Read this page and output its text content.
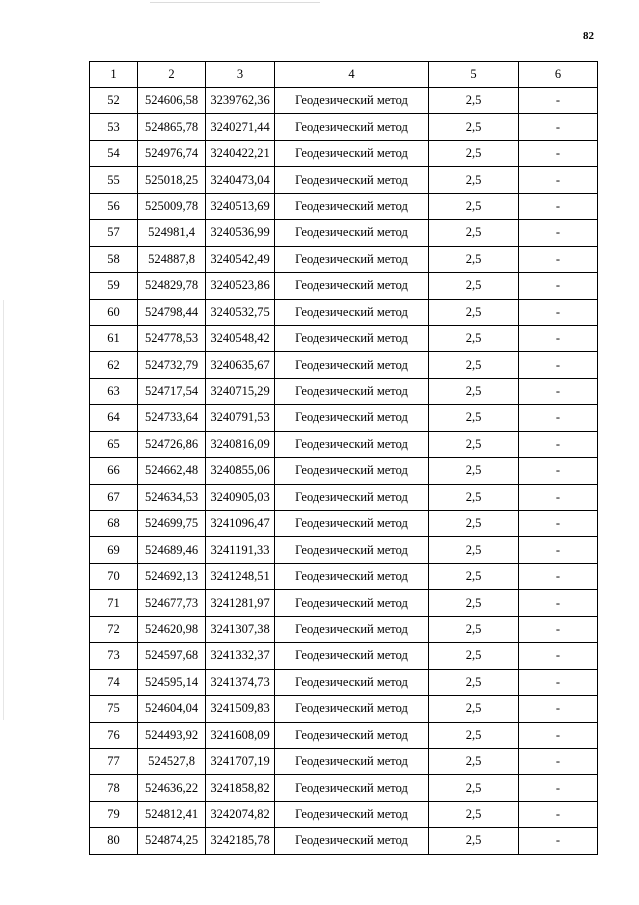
82
1	2	3	4	5	6
52	524606,58	3239762,36	Геодезический метод	2,5	-
53	524865,78	3240271,44	Геодезический метод	2,5	-
54	524976,74	3240422,21	Геодезический метод	2,5	-
55	525018,25	3240473,04	Геодезический метод	2,5	-
56	525009,78	3240513,69	Геодезический метод	2,5	-
57	524981,4	3240536,99	Геодезический метод	2,5	-
58	524887,8	3240542,49	Геодезический метод	2,5	-
59	524829,78	3240523,86	Геодезический метод	2,5	-
60	524798,44	3240532,75	Геодезический метод	2,5	-
61	524778,53	3240548,42	Геодезический метод	2,5	-
62	524732,79	3240635,67	Геодезический метод	2,5	-
63	524717,54	3240715,29	Геодезический метод	2,5	-
64	524733,64	3240791,53	Геодезический метод	2,5	-
65	524726,86	3240816,09	Геодезический метод	2,5	-
66	524662,48	3240855,06	Геодезический метод	2,5	-
67	524634,53	3240905,03	Геодезический метод	2,5	-
68	524699,75	3241096,47	Геодезический метод	2,5	-
69	524689,46	3241191,33	Геодезический метод	2,5	-
70	524692,13	3241248,51	Геодезический метод	2,5	-
71	524677,73	3241281,97	Геодезический метод	2,5	-
72	524620,98	3241307,38	Геодезический метод	2,5	-
73	524597,68	3241332,37	Геодезический метод	2,5	-
74	524595,14	3241374,73	Геодезический метод	2,5	-
75	524604,04	3241509,83	Геодезический метод	2,5	-
76	524493,92	3241608,09	Геодезический метод	2,5	-
77	524527,8	3241707,19	Геодезический метод	2,5	-
78	524636,22	3241858,82	Геодезический метод	2,5	-
79	524812,41	3242074,82	Геодезический метод	2,5	-
80	524874,25	3242185,78	Геодезический метод	2,5	-
